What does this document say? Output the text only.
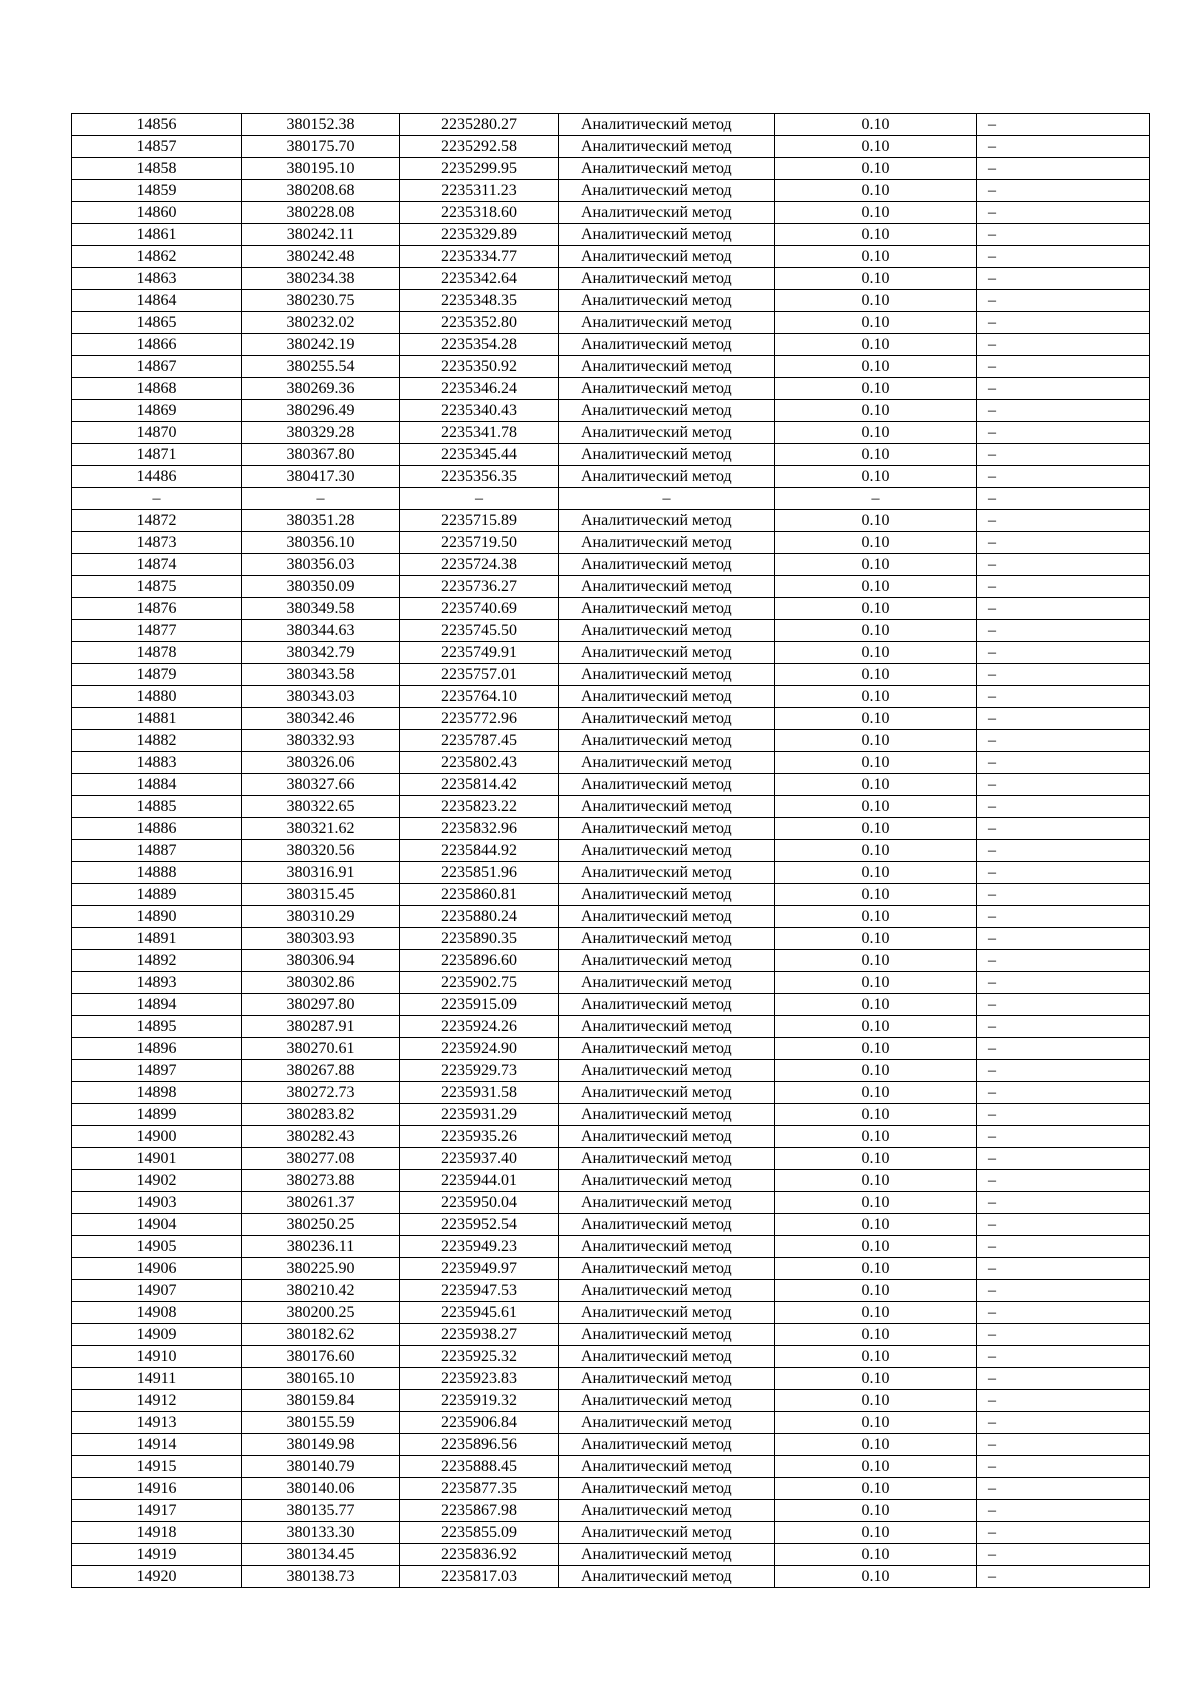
14856	380152.38	2235280.27	Аналитический метод	0.10	–
14857	380175.70	2235292.58	Аналитический метод	0.10	–
14858	380195.10	2235299.95	Аналитический метод	0.10	–
14859	380208.68	2235311.23	Аналитический метод	0.10	–
14860	380228.08	2235318.60	Аналитический метод	0.10	–
14861	380242.11	2235329.89	Аналитический метод	0.10	–
14862	380242.48	2235334.77	Аналитический метод	0.10	–
14863	380234.38	2235342.64	Аналитический метод	0.10	–
14864	380230.75	2235348.35	Аналитический метод	0.10	–
14865	380232.02	2235352.80	Аналитический метод	0.10	–
14866	380242.19	2235354.28	Аналитический метод	0.10	–
14867	380255.54	2235350.92	Аналитический метод	0.10	–
14868	380269.36	2235346.24	Аналитический метод	0.10	–
14869	380296.49	2235340.43	Аналитический метод	0.10	–
14870	380329.28	2235341.78	Аналитический метод	0.10	–
14871	380367.80	2235345.44	Аналитический метод	0.10	–
14486	380417.30	2235356.35	Аналитический метод	0.10	–
–	–	–	–	–	–
14872	380351.28	2235715.89	Аналитический метод	0.10	–
14873	380356.10	2235719.50	Аналитический метод	0.10	–
14874	380356.03	2235724.38	Аналитический метод	0.10	–
14875	380350.09	2235736.27	Аналитический метод	0.10	–
14876	380349.58	2235740.69	Аналитический метод	0.10	–
14877	380344.63	2235745.50	Аналитический метод	0.10	–
14878	380342.79	2235749.91	Аналитический метод	0.10	–
14879	380343.58	2235757.01	Аналитический метод	0.10	–
14880	380343.03	2235764.10	Аналитический метод	0.10	–
14881	380342.46	2235772.96	Аналитический метод	0.10	–
14882	380332.93	2235787.45	Аналитический метод	0.10	–
14883	380326.06	2235802.43	Аналитический метод	0.10	–
14884	380327.66	2235814.42	Аналитический метод	0.10	–
14885	380322.65	2235823.22	Аналитический метод	0.10	–
14886	380321.62	2235832.96	Аналитический метод	0.10	–
14887	380320.56	2235844.92	Аналитический метод	0.10	–
14888	380316.91	2235851.96	Аналитический метод	0.10	–
14889	380315.45	2235860.81	Аналитический метод	0.10	–
14890	380310.29	2235880.24	Аналитический метод	0.10	–
14891	380303.93	2235890.35	Аналитический метод	0.10	–
14892	380306.94	2235896.60	Аналитический метод	0.10	–
14893	380302.86	2235902.75	Аналитический метод	0.10	–
14894	380297.80	2235915.09	Аналитический метод	0.10	–
14895	380287.91	2235924.26	Аналитический метод	0.10	–
14896	380270.61	2235924.90	Аналитический метод	0.10	–
14897	380267.88	2235929.73	Аналитический метод	0.10	–
14898	380272.73	2235931.58	Аналитический метод	0.10	–
14899	380283.82	2235931.29	Аналитический метод	0.10	–
14900	380282.43	2235935.26	Аналитический метод	0.10	–
14901	380277.08	2235937.40	Аналитический метод	0.10	–
14902	380273.88	2235944.01	Аналитический метод	0.10	–
14903	380261.37	2235950.04	Аналитический метод	0.10	–
14904	380250.25	2235952.54	Аналитический метод	0.10	–
14905	380236.11	2235949.23	Аналитический метод	0.10	–
14906	380225.90	2235949.97	Аналитический метод	0.10	–
14907	380210.42	2235947.53	Аналитический метод	0.10	–
14908	380200.25	2235945.61	Аналитический метод	0.10	–
14909	380182.62	2235938.27	Аналитический метод	0.10	–
14910	380176.60	2235925.32	Аналитический метод	0.10	–
14911	380165.10	2235923.83	Аналитический метод	0.10	–
14912	380159.84	2235919.32	Аналитический метод	0.10	–
14913	380155.59	2235906.84	Аналитический метод	0.10	–
14914	380149.98	2235896.56	Аналитический метод	0.10	–
14915	380140.79	2235888.45	Аналитический метод	0.10	–
14916	380140.06	2235877.35	Аналитический метод	0.10	–
14917	380135.77	2235867.98	Аналитический метод	0.10	–
14918	380133.30	2235855.09	Аналитический метод	0.10	–
14919	380134.45	2235836.92	Аналитический метод	0.10	–
14920	380138.73	2235817.03	Аналитический метод	0.10	–
